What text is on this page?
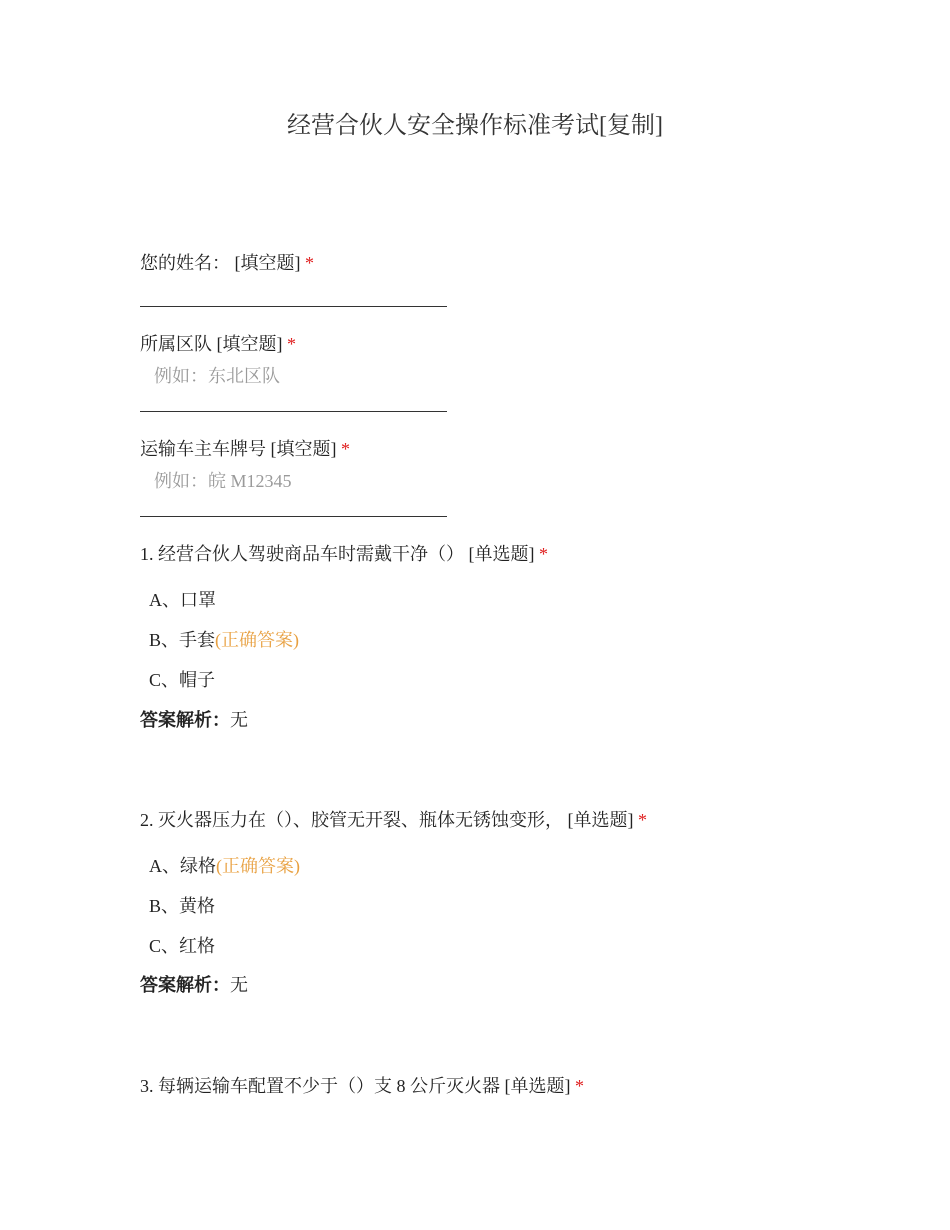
经营合伙人安全操作标准考试[复制]
您的姓名： [填空题] *
所属区队 [填空题] *
例如：东北区队
运输车主车牌号 [填空题] *
例如：皖 M12345
1. 经营合伙人驾驶商品车时需戴干净（） [单选题] *
A、口罩
B、手套(正确答案)
C、帽子
答案解析：无
2. 灭火器压力在（）、胶管无开裂、瓶体无锈蚀变形， [单选题] *
A、绿格(正确答案)
B、黄格
C、红格
答案解析：无
3. 每辆运输车配置不少于（）支 8 公斤灭火器 [单选题] *
